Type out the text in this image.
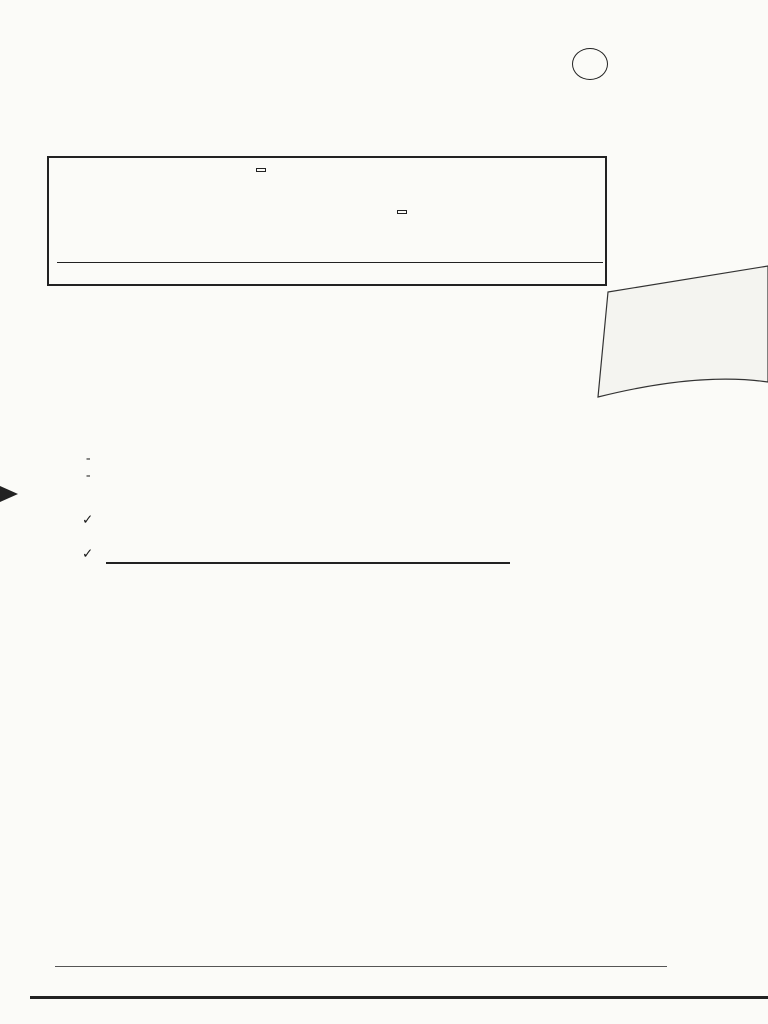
-
-
✓
✓
